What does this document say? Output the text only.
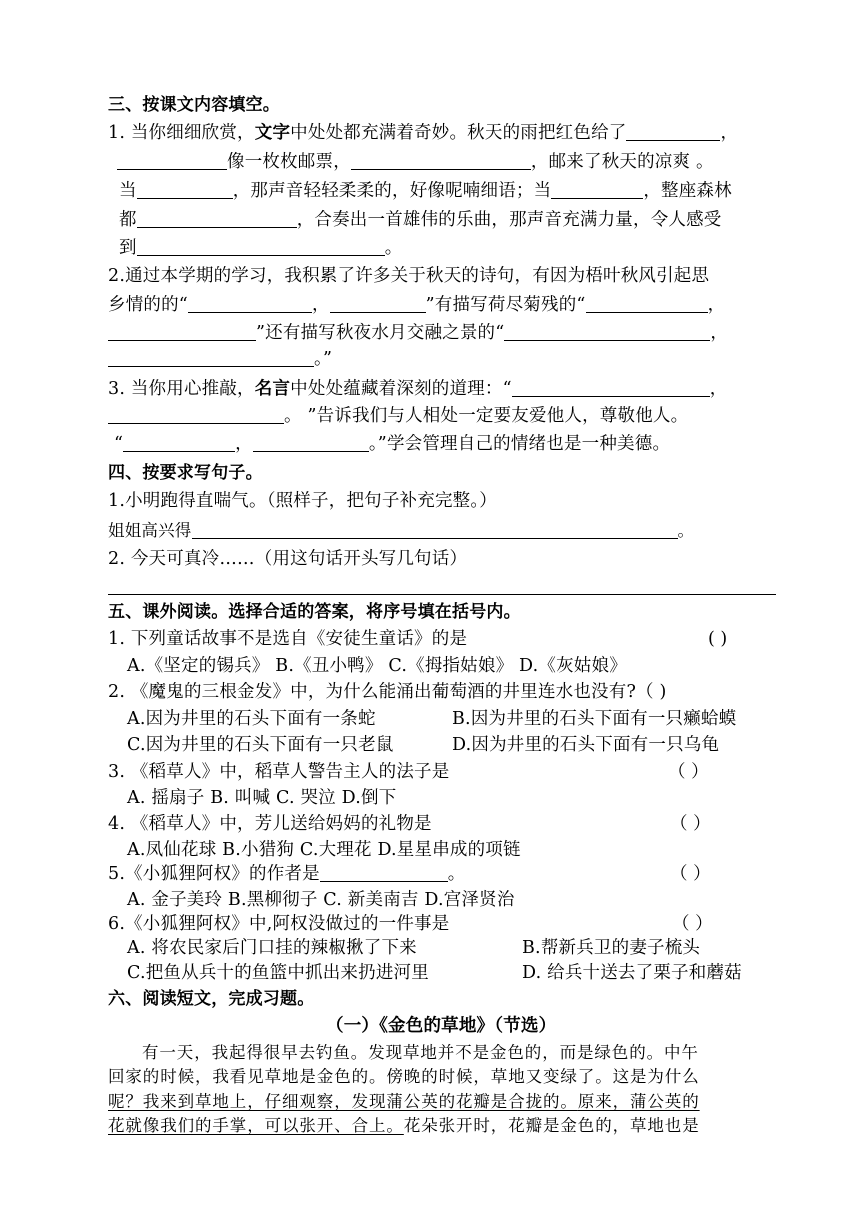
三、按课文内容填空。
1. 当你细细欣赏，文字中处处都充满着奇妙。秋天的雨把红色给了	，
像一枚枚邮票，	，邮来了秋天的凉爽 。
当	，那声音轻轻柔柔的，好像呢喃细语；当	，整座森林
都	，合奏出一首雄伟的乐曲，那声音充满力量，令人感受
到	。
2.通过本学期的学习，我积累了许多关于秋天的诗句，有因为梧叶秋风引起思
乡情的的“	，	”有描写荷尽菊残的“	，
”还有描写秋夜水月交融之景的“	，
。”
3. 当你用心推敲，名言中处处蕴藏着深刻的道理：“	，
。 ”告诉我们与人相处一定要友爱他人，尊敬他人。
“	，	。”学会管理自己的情绪也是一种美德。
四、按要求写句子。
1.小明跑得直喘气。（照样子，把句子补充完整。）
姐姐高兴得	。
2. 今天可真冷……（用这句话开头写几句话）
五、课外阅读。选择合适的答案，将序号填在括号内。
1. 下列童话故事不是选自《安徒生童话》的是	( )
A.《坚定的锡兵》 B.《丑小鸭》 C.《拇指姑娘》 D.《灰姑娘》
2. 《魔鬼的三根金发》中，为什么能涌出葡萄酒的井里连水也没有?（ )
A.因为井里的石头下面有一条蛇	B.因为井里的石头下面有一只癞蛤蟆
C.因为井里的石头下面有一只老鼠	D.因为井里的石头下面有一只乌龟
3. 《稻草人》中，稻草人警告主人的法子是	（ ）
A. 摇扇子 B. 叫喊 C. 哭泣 D.倒下
4. 《稻草人》中，芳儿送给妈妈的礼物是	（ ）
A.凤仙花球 B.小猎狗 C.大理花 D.星星串成的项链
5.《小狐狸阿权》的作者是	。	（ ）
A. 金子美玲 B.黑柳彻子 C. 新美南吉 D.宫泽贤治
6.《小狐狸阿权》中,阿权没做过的一件事是	（ ）
A. 将农民家后门口挂的辣椒揪了下来	B.帮新兵卫的妻子梳头
C.把鱼从兵十的鱼篮中抓出来扔进河里	D. 给兵十送去了栗子和蘑菇
六、阅读短文，完成习题。
（一）《金色的草地》（节选）
有一天，我起得很早去钓鱼。发现草地并不是金色的，而是绿色的。中午
回家的时候，我看见草地是金色的。傍晚的时候，草地又变绿了。这是为什么
呢？我来到草地上，仔细观察，发现蒲公英的花瓣是合拢的。原来，蒲公英的
花就像我们的手掌，可以张开、合上。花朵张开时，花瓣是金色的，草地也是
